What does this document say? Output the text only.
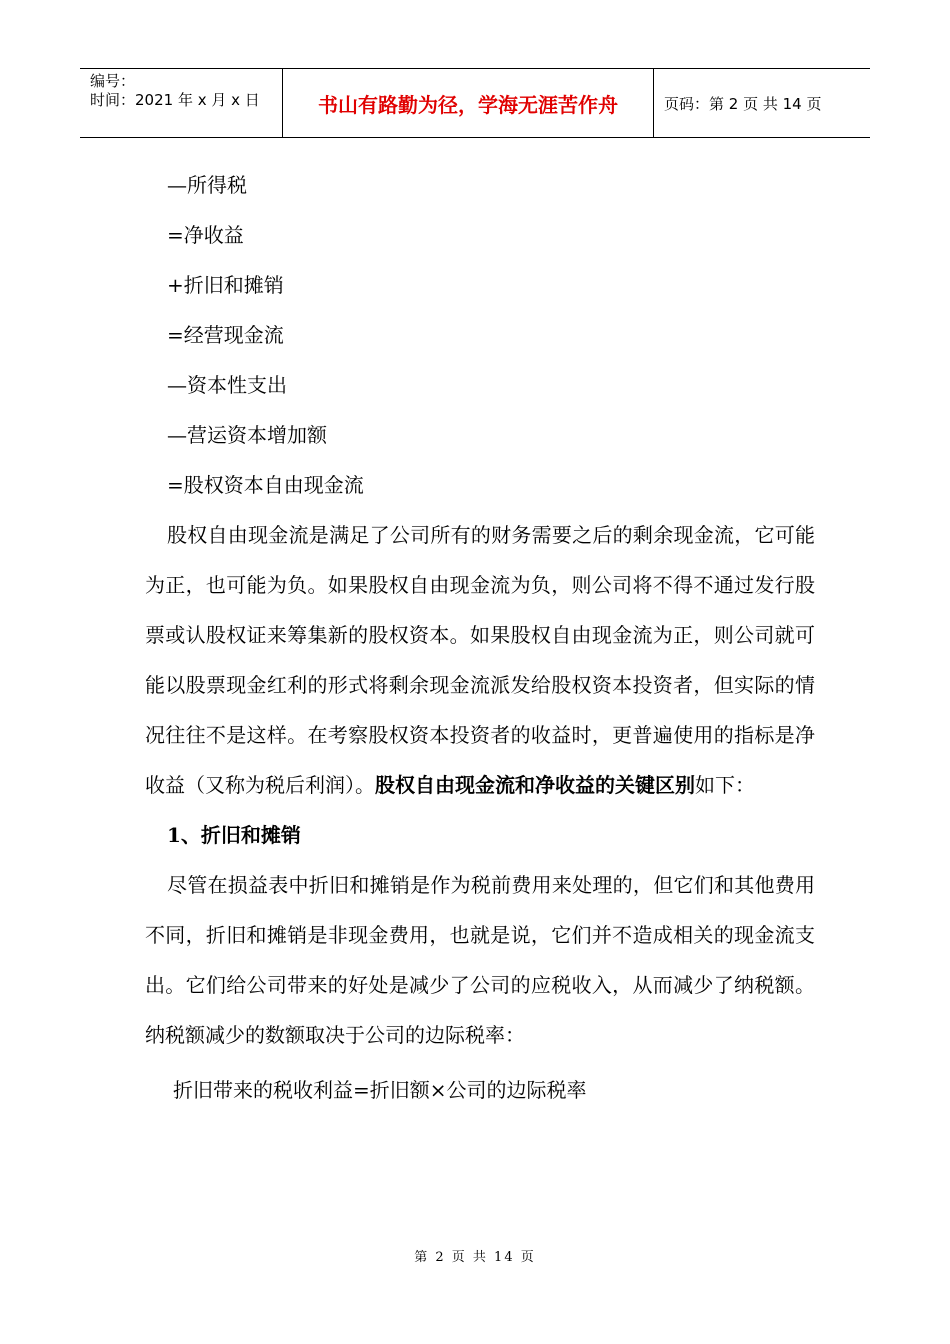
编号：
时间：2021 年 x 月 x 日	书山有路勤为径，学海无涯苦作舟	页码：第 2 页 共 14 页
—所得税
=净收益
+折旧和摊销
=经营现金流
—资本性支出
—营运资本增加额
=股权资本自由现金流

股权自由现金流是满足了公司所有的财务需要之后的剩余现金流，它可能为正，也可能为负。如果股权自由现金流为负，则公司将不得不通过发行股票或认股权证来筹集新的股权资本。如果股权自由现金流为正，则公司就可能以股票现金红利的形式将剩余现金流派发给股权资本投资者，但实际的情况往往不是这样。在考察股权资本投资者的收益时，更普遍使用的指标是净收益（又称为税后利润）。股权自由现金流和净收益的关键区别如下：

1、折旧和摊销

尽管在损益表中折旧和摊销是作为税前费用来处理的，但它们和其他费用不同，折旧和摊销是非现金费用，也就是说，它们并不造成相关的现金流支出。它们给公司带来的好处是减少了公司的应税收入，从而减少了纳税额。纳税额减少的数额取决于公司的边际税率：

折旧带来的税收利益=折旧额×公司的边际税率
第 2 页 共 14 页
